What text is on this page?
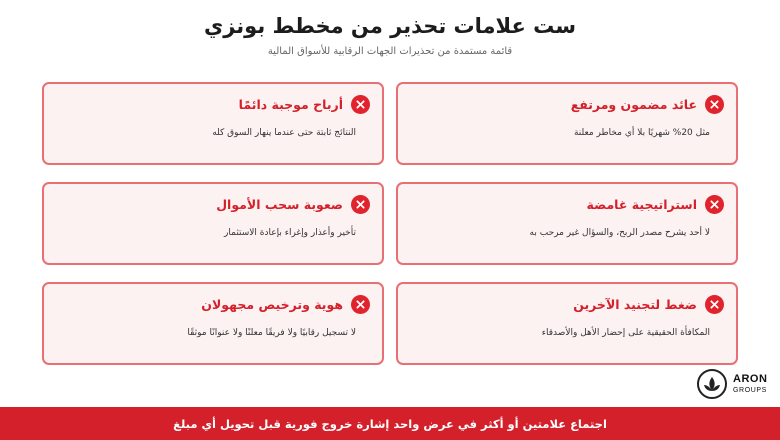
ست علامات تحذير من مخطط بونزي
قائمة مستمدة من تحذيرات الجهات الرقابية للأسواق المالية
عائد مضمون ومرتفع
مثل 20% شهريًا بلا أي مخاطر معلنة
أرباح موجبة دائمًا
النتائج ثابتة حتى عندما ينهار السوق كله
استراتيجية غامضة
لا أحد يشرح مصدر الربح، والسؤال غير مرحب به
صعوبة سحب الأموال
تأخير وأعذار وإغراء بإعادة الاستثمار
ضغط لتجنيد الآخرين
المكافأة الحقيقية على إحضار الأهل والأصدقاء
هوية وترخيص مجهولان
لا تسجيل رقابيًا ولا فريقًا معلنًا ولا عنوانًا موثقًا
ARON
GROUPS
اجتماع علامتين أو أكثر في عرض واحد إشارة خروج فورية قبل تحويل أي مبلغ
